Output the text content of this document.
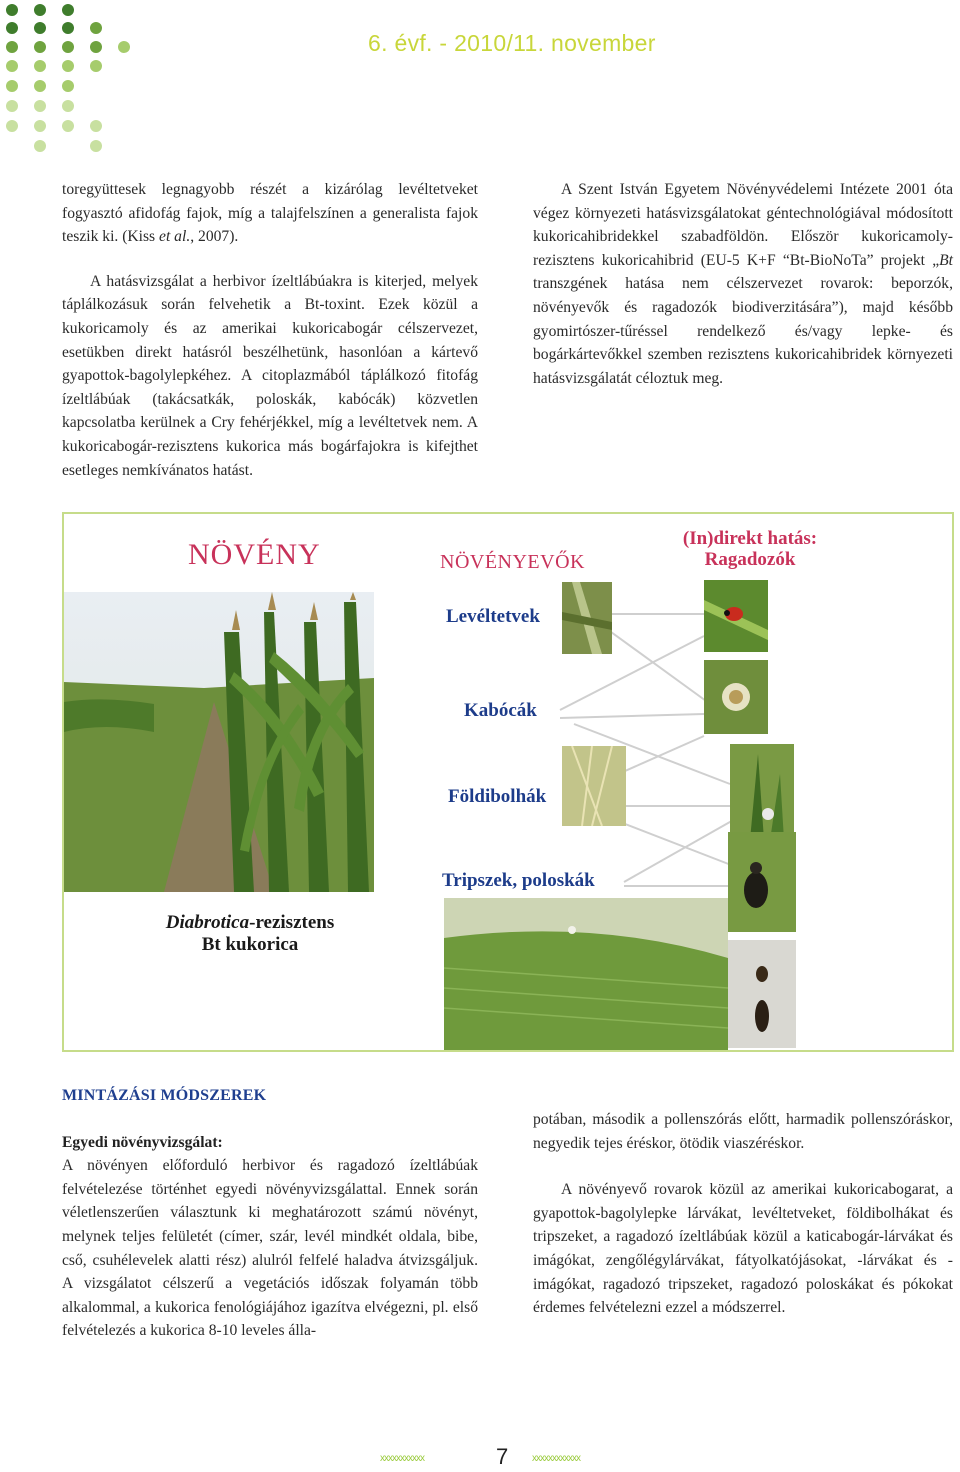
6. évf. - 2010/11. november

toregyüttesek legnagyobb részét a kizárólag levéltetveket fogyasztó afidofág fajok, míg a talajfelszínen a generalista fajok teszik ki. (Kiss et al., 2007).

A hatásvizsgálat a herbivor ízeltlábúakra is kiterjed, melyek táplálkozásuk során felvehetik a Bt-toxint. Ezek közül a kukoricamoly és az amerikai kukoricabogár célszervezet, esetükben direkt hatásról beszélhetünk, hasonlóan a kártevő gyapottok-bagolylepkéhez. A citoplazmából táplálkozó fitofág ízeltlábúak (takácsatkák, poloskák, kabócák) közvetlen kapcsolatba kerülnek a Cry fehérjékkel, míg a levéltetvek nem. A kukoricabogár-rezisztens kukorica más bogárfajokra is kifejthet esetleges nemkívánatos hatást.

A Szent István Egyetem Növényvédelemi Intézete 2001 óta végez környezeti hatásvizsgálatokat géntechnológiával módosított kukoricahibridekkel szabadföldön. Először kukoricamoly-rezisztens kukoricahibrid (EU-5 K+F “Bt-BioNoTa” projekt „Bt transzgének hatása nem célszervezet rovarok: beporzók, növényevők és ragadozók biodiverzitására”), majd később gyomirtószer-tűréssel rendelkező és/vagy lepke- és bogárkártevőkkel szemben rezisztens kukoricahibridek környezeti hatásvizsgálatát céloztuk meg.

NÖVÉNY	NÖVÉNYEVŐK
(In)direkt hatás:
Ragadozók
Levéltetvek
Kabócák
Földibolhák
Tripszek, poloskák
Diabrotica-rezisztens
Bt kukorica

MINTÁZÁSI MÓDSZEREK

Egyedi növényvizsgálat:

A növényen előforduló herbivor és ragadozó ízeltlábúak felvételezése történhet egyedi növényvizsgálattal. Ennek során véletlenszerűen választunk ki meghatározott számú növényt, melynek teljes felületét (címer, szár, levél mindkét oldala, bibe, cső, csuhélevelek alatti rész) alulról felfelé haladva átvizsgáljuk. A vizsgálatot célszerű a vegetációs időszak folyamán több alkalommal, a kukorica fenológiájához igazítva elvégezni, pl. első felvételezés a kukorica 8-10 leveles álla-

potában, második a pollenszórás előtt, harmadik pollenszóráskor, negyedik tejes éréskor, ötödik viaszéréskor.

A növényevő rovarok közül az amerikai kukoricabogarat, a gyapottok-bagolylepke lárvákat, levéltetveket, földibolhákat és tripszeket, a ragadozó ízeltlábúak közül a katicabogár-lárvákat és imágókat, zengőlégylárvákat, fátyolkatójásokat, -lárvákat és -imágókat, ragadozó tripszeket, ragadozó poloskákat és pókokat érdemes felvételezni ezzel a módszerrel.

xxxxxxxxxxx	7 xxxxxxxxxxxx
